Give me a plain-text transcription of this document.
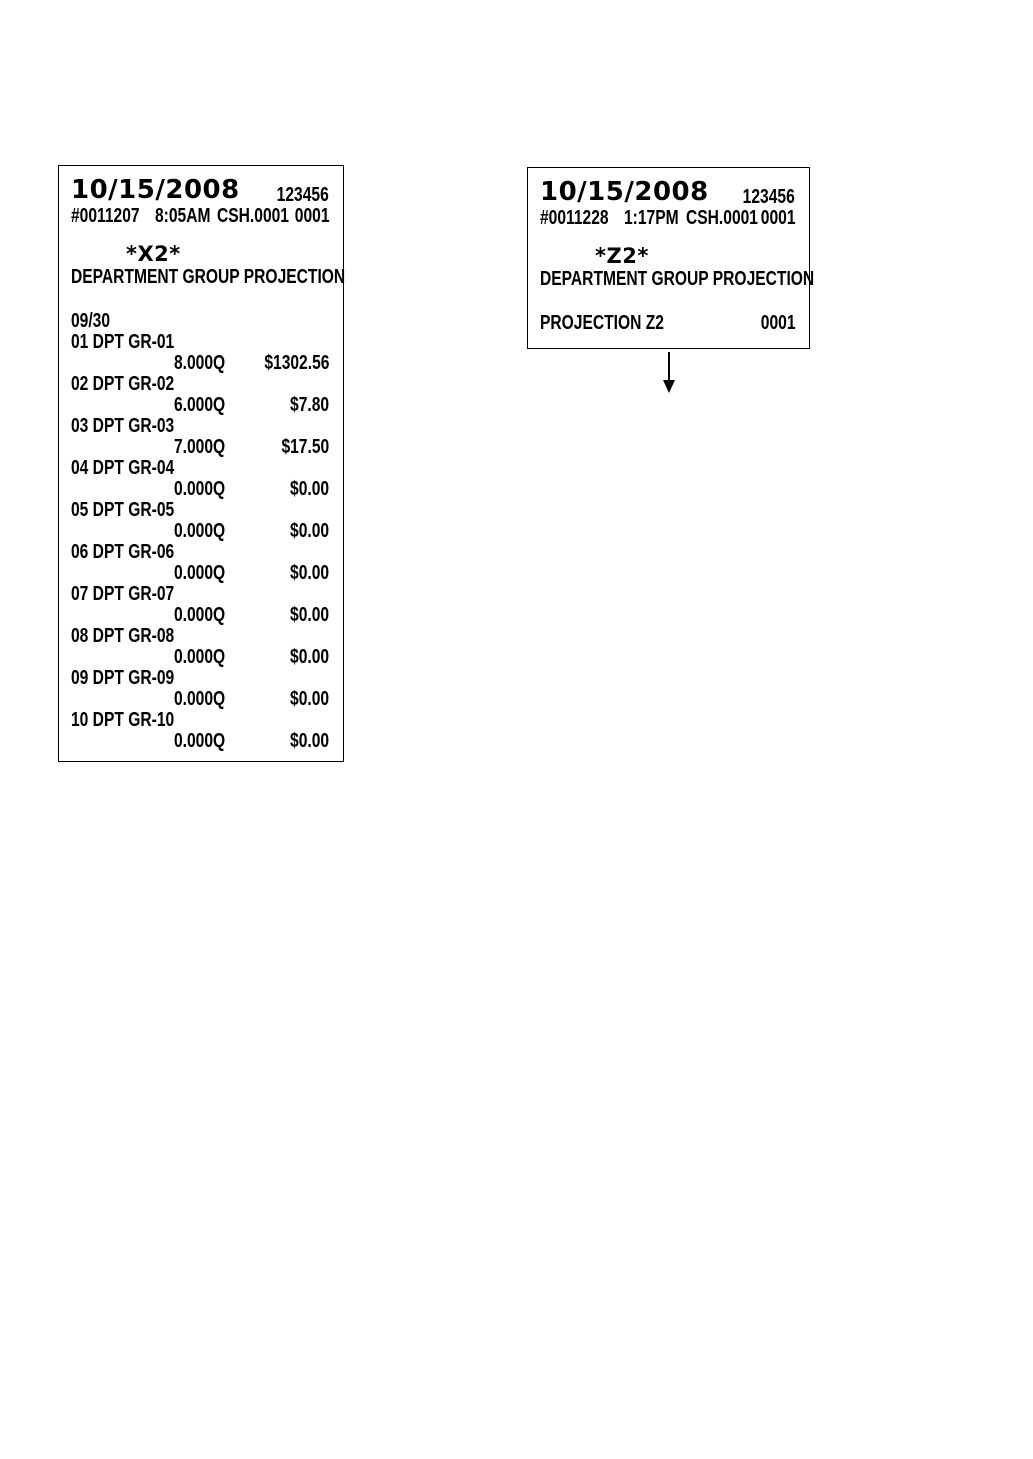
10/15/2008	123456
#0011207 8:05AM CSH.0001 0001
*X2*
DEPARTMENT GROUP PROJECTION
09/30
01 DPT GR-01
8.000Q	$1302.56
02 DPT GR-02
6.000Q	$7.80
03 DPT GR-03
7.000Q	$17.50
04 DPT GR-04
0.000Q	$0.00
05 DPT GR-05
0.000Q	$0.00
06 DPT GR-06
0.000Q	$0.00
07 DPT GR-07
0.000Q	$0.00
08 DPT GR-08
0.000Q	$0.00
09 DPT GR-09
0.000Q	$0.00
10 DPT GR-10
0.000Q	$0.00
10/15/2008	123456
#0011228 1:17PM CSH.0001 0001
*Z2*
DEPARTMENT GROUP PROJECTION
PROJECTION Z2	0001
